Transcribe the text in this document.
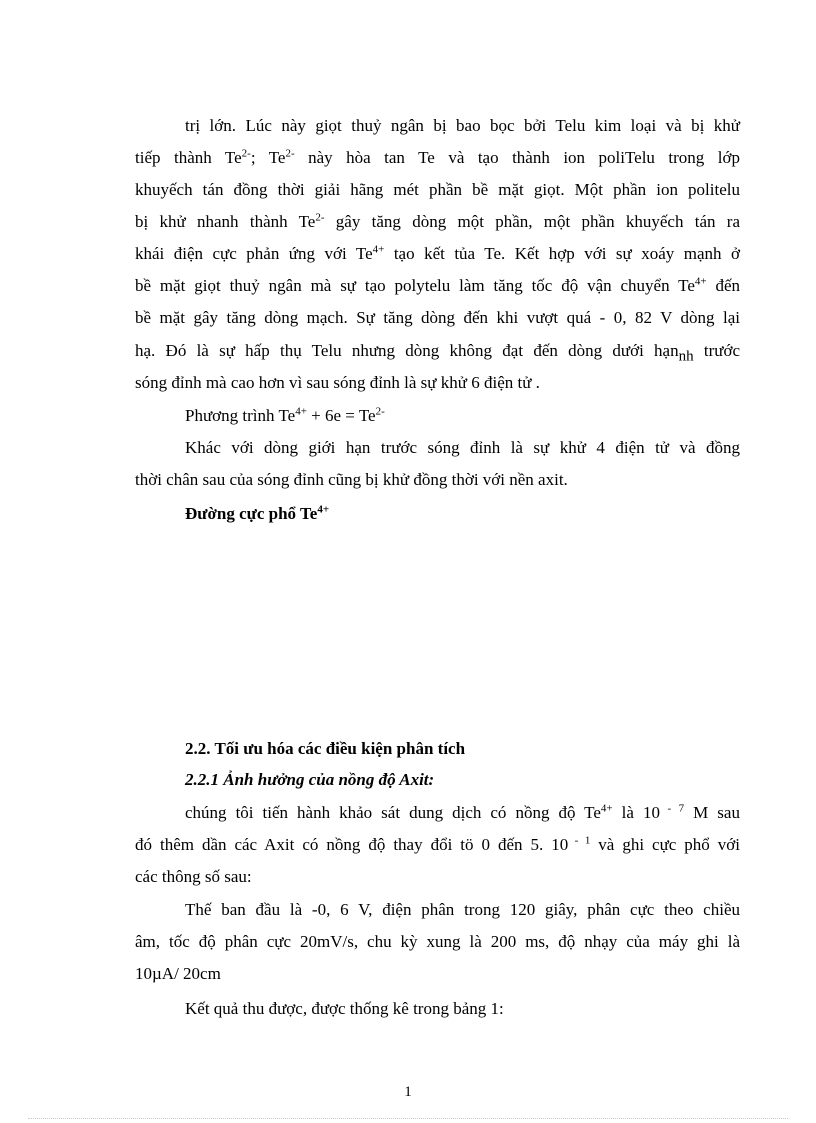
trị lớn. Lúc này giọt thuỷ ngân bị bao bọc bởi Telu kim loại và bị khử

tiếp thành $Te^{2-}$; $Te^{2-}$ này hòa tan Te và tạo thành ion poliTelu trong lớp

khuyếch tán đồng thời giải hãng mét phần bề mặt giọt. Một phần ion politelu

bị khử nhanh thành $Te^{2-}$ gây tăng dòng một phần, một phần khuyếch tán ra

khái điện cực phản ứng với $Te^{4+}$ tạo kết tủa Te. Kết hợp với sự xoáy mạnh ở

bề mặt giọt thuỷ ngân mà sự tạo polytelu làm tăng tốc độ vận chuyển $Te^{4+}$ đến

bề mặt gây tăng dòng mạch. Sự tăng dòng đến khi vượt quá - 0, 82 V dòng lại

hạ. Đó là sự hấp thụ Telu nhưng dòng không đạt đến dòng dưới hạnnh trước

sóng đỉnh mà cao hơn vì sau sóng đỉnh là sự khử 6 điện tử .

Phương trình $Te^{4+} + 6e = Te^{2-}$

Khác với dòng giới hạn trước sóng đỉnh là sự khử 4 điện tử và đồng

thời chân sau của sóng đỉnh cũng bị khử đồng thời với nền axit.

Đường cực phổ $Te^{4+}$

2.2. Tối ưu hóa các điều kiện phân tích

2.2.1 Ảnh hưởng của nồng độ Axit:

chúng tôi tiến hành khảo sát dung dịch có nồng độ $Te^{4+}$ là 10 $^{- 7}$ M sau

đó thêm dần các Axit có nồng độ thay đổi tö 0 đến 5. 10 $^{- 1}$ và ghi cực phổ với

các thông số sau:

Thế ban đầu là -0, 6 V, điện phân trong 120 giây, phân cực theo chiều

âm, tốc độ phân cực 20mV/s, chu kỳ xung là 200 ms, độ nhạy của máy ghi là

10µA/ 20cm

Kết quả thu được, được thống kê trong bảng 1:

1
